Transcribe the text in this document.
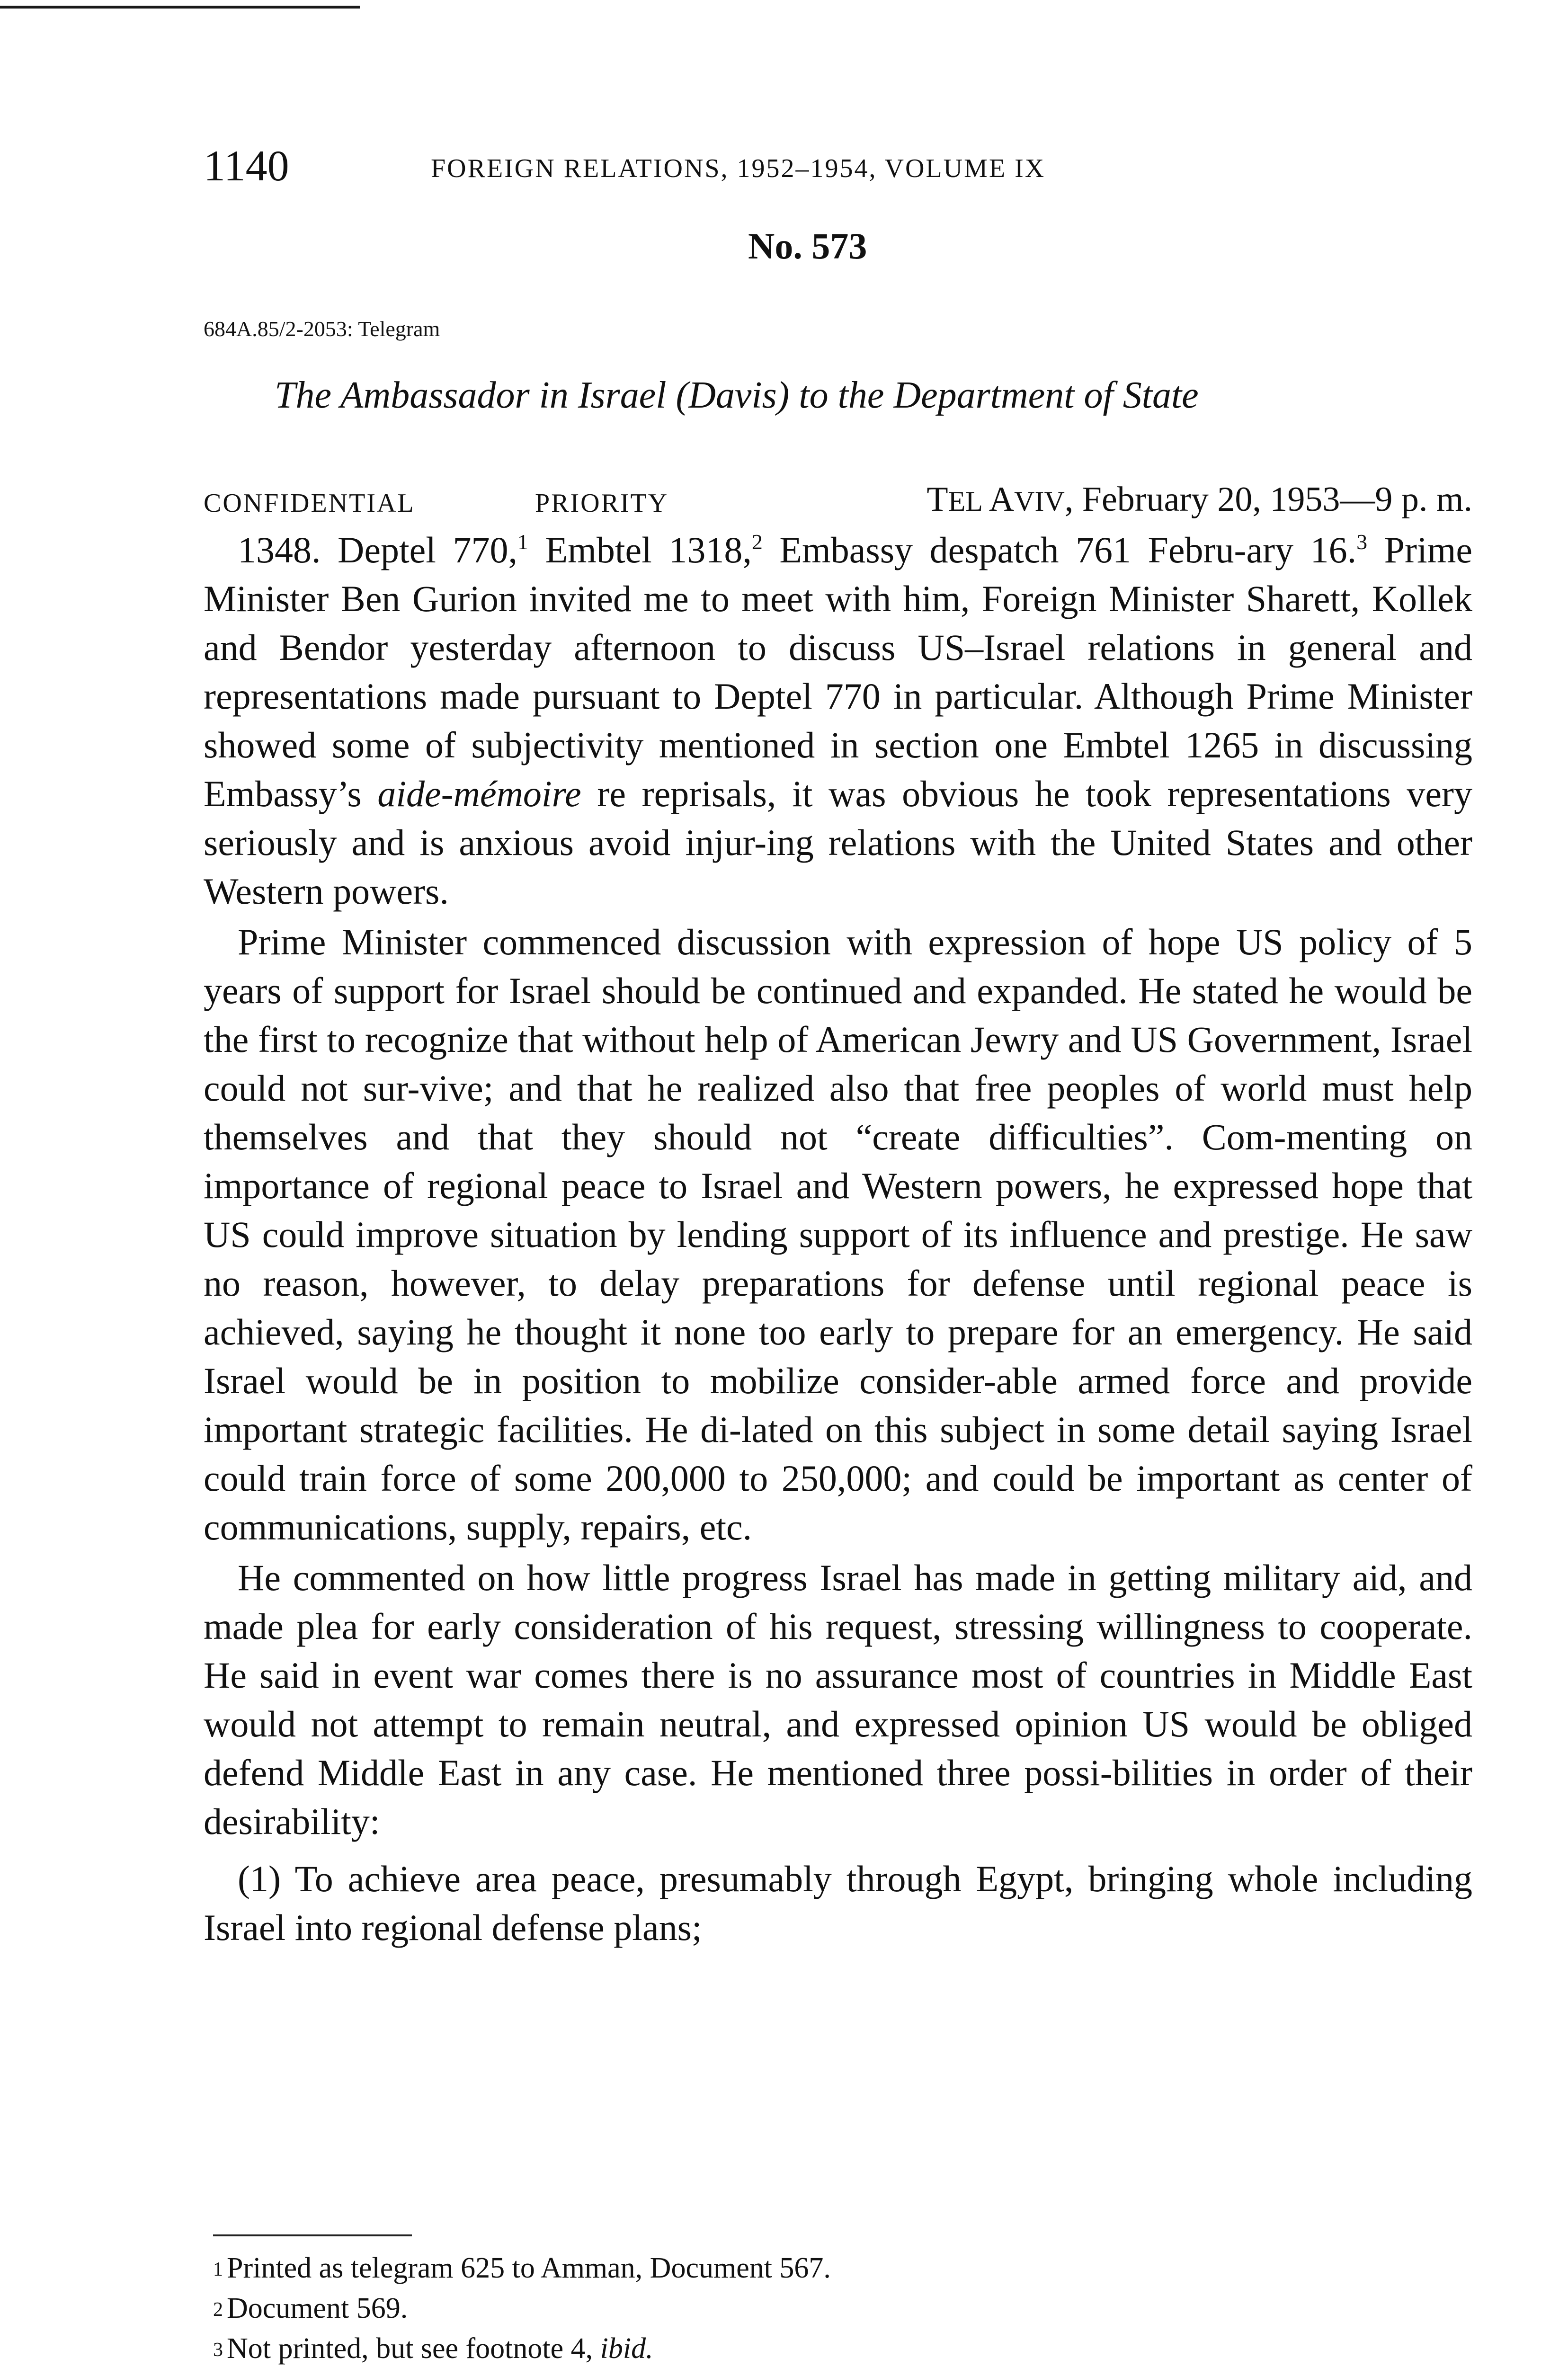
1140	FOREIGN RELATIONS, 1952–1954, VOLUME IX
No. 573
684A.85/2-2053: Telegram
The Ambassador in Israel (Davis) to the Department of State
CONFIDENTIAL	PRIORITY	TEL AVIV, February 20, 1953—9 p. m.

1348. Deptel 770,$^1$ Embtel 1318,$^2$ Embassy despatch 761 Febru-ary 16.$^3$ Prime Minister Ben Gurion invited me to meet with him, Foreign Minister Sharett, Kollek and Bendor yesterday afternoon to discuss US–Israel relations in general and representations made pursuant to Deptel 770 in particular. Although Prime Minister showed some of subjectivity mentioned in section one Embtel 1265 in discussing Embassy’s aide-mémoire re reprisals, it was obvious he took representations very seriously and is anxious avoid injur-ing relations with the United States and other Western powers.

Prime Minister commenced discussion with expression of hope US policy of 5 years of support for Israel should be continued and expanded. He stated he would be the first to recognize that without help of American Jewry and US Government, Israel could not sur-vive; and that he realized also that free peoples of world must help themselves and that they should not “create difficulties”. Com-menting on importance of regional peace to Israel and Western powers, he expressed hope that US could improve situation by lending support of its influence and prestige. He saw no reason, however, to delay preparations for defense until regional peace is achieved, saying he thought it none too early to prepare for an emergency. He said Israel would be in position to mobilize consider-able armed force and provide important strategic facilities. He di-lated on this subject in some detail saying Israel could train force of some 200,000 to 250,000; and could be important as center of communications, supply, repairs, etc.

He commented on how little progress Israel has made in getting military aid, and made plea for early consideration of his request, stressing willingness to cooperate. He said in event war comes there is no assurance most of countries in Middle East would not attempt to remain neutral, and expressed opinion US would be obliged defend Middle East in any case. He mentioned three possi-bilities in order of their desirability:

(1) To achieve area peace, presumably through Egypt, bringing whole including Israel into regional defense plans;

1 Printed as telegram 625 to Amman, Document 567.
2 Document 569.
3 Not printed, but see footnote 4, ibid.
